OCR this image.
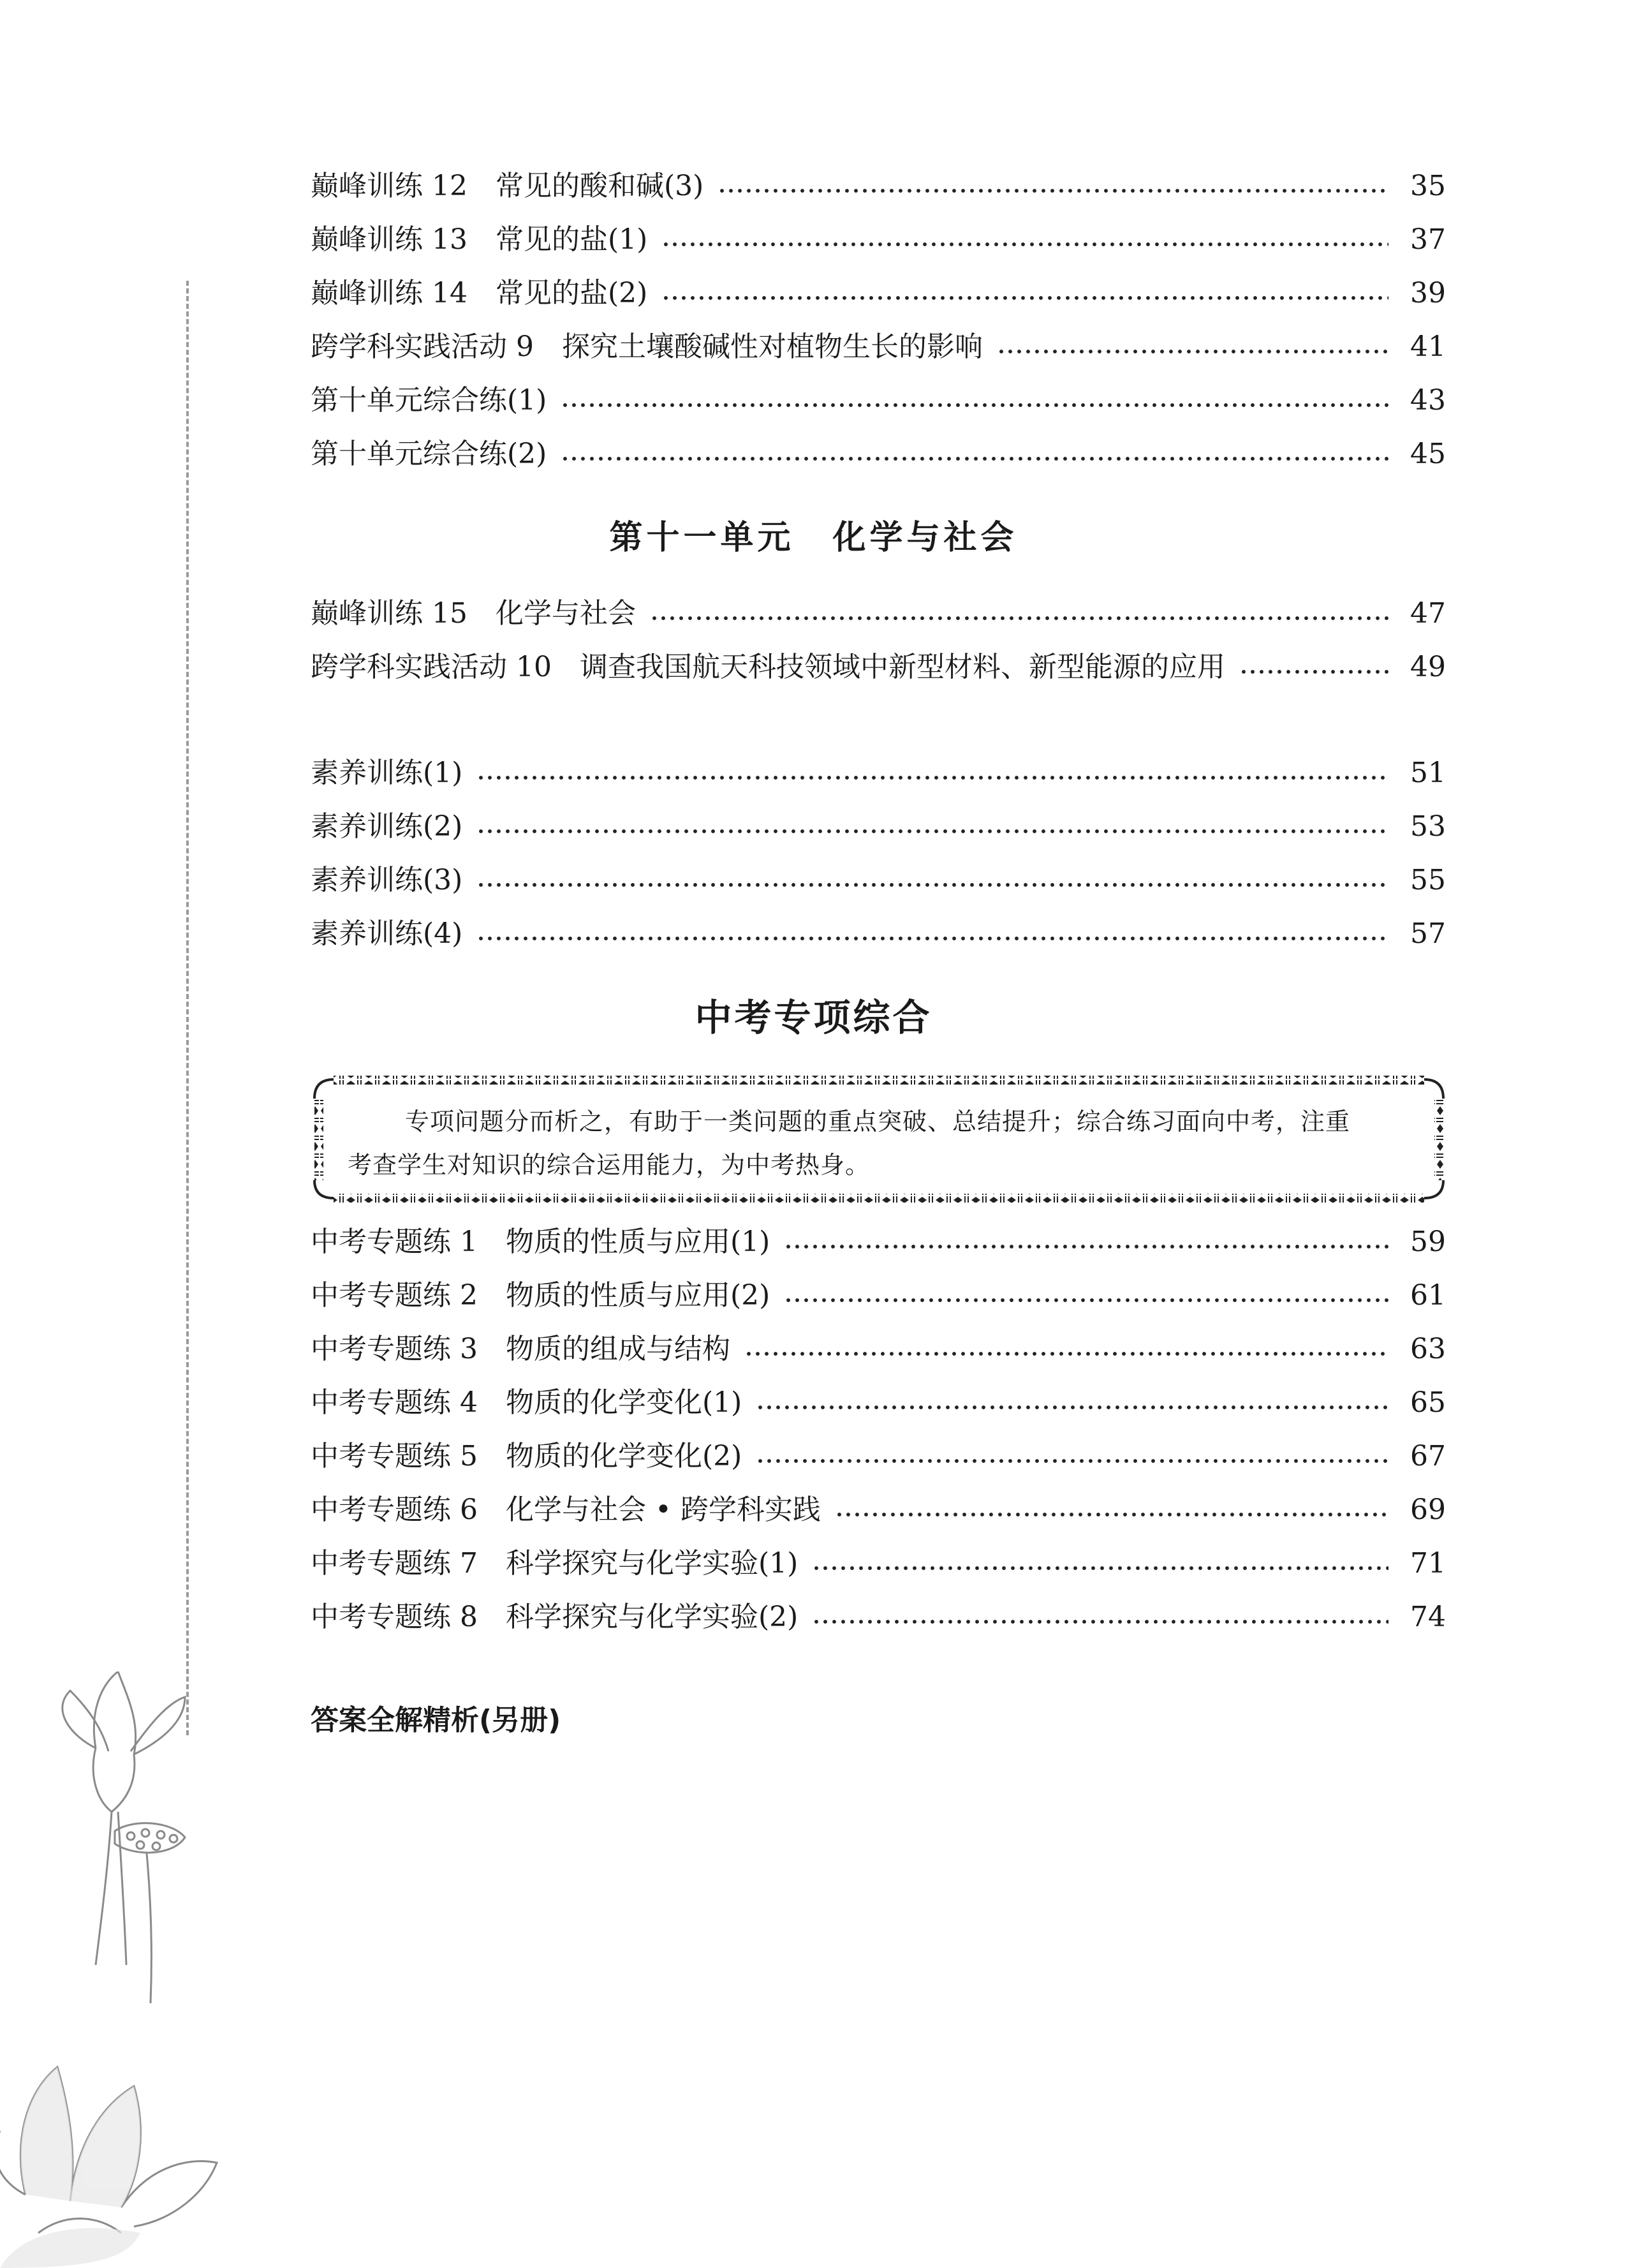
巅峰训练 12　常见的酸和碱(3)	35
巅峰训练 13　常见的盐(1)	37
巅峰训练 14　常见的盐(2)	39
跨学科实践活动 9　探究土壤酸碱性对植物生长的影响	41
第十单元综合练(1)	43
第十单元综合练(2)	45
第十一单元 化学与社会
巅峰训练 15　化学与社会	47
跨学科实践活动 10　调查我国航天科技领域中新型材料、新型能源的应用	49
素养训练(1)	51
素养训练(2)	53
素养训练(3)	55
素养训练(4)	57
中考专项综合
专项问题分而析之，有助于一类问题的重点突破、总结提升；综合练习面向中考，注重
考查学生对知识的综合运用能力，为中考热身。
中考专题练 1　物质的性质与应用(1)	59
中考专题练 2　物质的性质与应用(2)	61
中考专题练 3　物质的组成与结构	63
中考专题练 4　物质的化学变化(1)	65
中考专题练 5　物质的化学变化(2)	67
中考专题练 6　化学与社会 • 跨学科实践	69
中考专题练 7　科学探究与化学实验(1)	71
中考专题练 8　科学探究与化学实验(2)	74
答案全解精析(另册)
